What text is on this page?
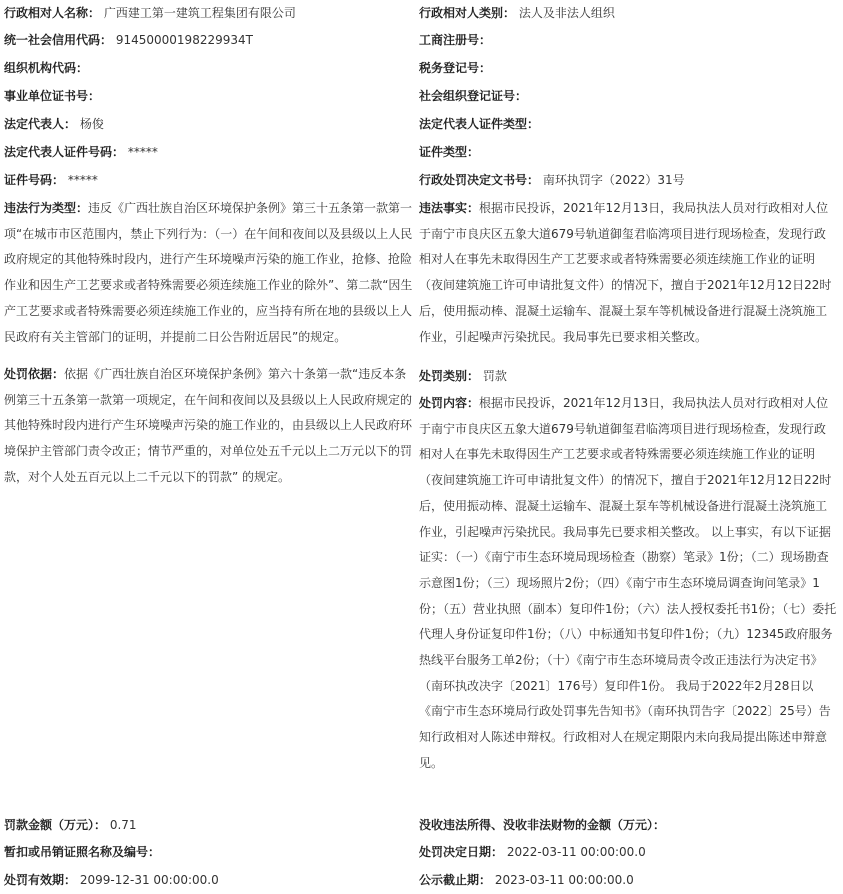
行政相对人名称： 广西建工第一建筑工程集团有限公司	行政相对人类别： 法人及非法人组织
统一社会信用代码： 91450000198229934T	工商注册号：
组织机构代码：	税务登记号：
事业单位证书号：	社会组织登记证号：
法定代表人： 杨俊	法定代表人证件类型：
法定代表人证件号码： *****	证件类型：
证件号码： *****	行政处罚决定文书号： 南环执罚字（2022）31号
违法行为类型：违反《广西壮族自治区环境保护条例》第三十五条第一款第一项“在城市市区范围内，禁止下列行为：（一）在午间和夜间以及县级以上人民政府规定的其他特殊时段内，进行产生环境噪声污染的施工作业，抢修、抢险作业和因生产工艺要求或者特殊需要必须连续施工作业的除外”、第二款“因生产工艺要求或者特殊需要必须连续施工作业的，应当持有所在地的县级以上人民政府有关主管部门的证明，并提前二日公告附近居民”的规定。
违法事实：根据市民投诉，2021年12月13日，我局执法人员对行政相对人位于南宁市良庆区五象大道679号轨道御玺君临湾项目进行现场检查，发现行政相对人在事先未取得因生产工艺要求或者特殊需要必须连续施工作业的证明（夜间建筑施工许可申请批复文件）的情况下，擅自于2021年12月12日22时后，使用振动棒、混凝土运输车、混凝土泵车等机械设备进行混凝土浇筑施工作业，引起噪声污染扰民。我局事先已要求相关整改。
处罚依据：依据《广西壮族自治区环境保护条例》第六十条第一款“违反本条例第三十五条第一款第一项规定，在午间和夜间以及县级以上人民政府规定的其他特殊时段内进行产生环境噪声污染的施工作业的，由县级以上人民政府环境保护主管部门责令改正；情节严重的，对单位处五千元以上二万元以下的罚款，对个人处五百元以上二千元以下的罚款” 的规定。
处罚类别： 罚款
处罚内容：根据市民投诉，2021年12月13日，我局执法人员对行政相对人位于南宁市良庆区五象大道679号轨道御玺君临湾项目进行现场检查，发现行政相对人在事先未取得因生产工艺要求或者特殊需要必须连续施工作业的证明（夜间建筑施工许可申请批复文件）的情况下，擅自于2021年12月12日22时后，使用振动棒、混凝土运输车、混凝土泵车等机械设备进行混凝土浇筑施工作业，引起噪声污染扰民。我局事先已要求相关整改。 以上事实，有以下证据证实：（一）《南宁市生态环境局现场检查（勘察）笔录》1份；（二）现场勘查示意图1份；（三）现场照片2份；（四）《南宁市生态环境局调查询问笔录》1份；（五）营业执照（副本）复印件1份；（六）法人授权委托书1份；（七）委托代理人身份证复印件1份；（八）中标通知书复印件1份；（九）12345政府服务热线平台服务工单2份；（十）《南宁市生态环境局责令改正违法行为决定书》（南环执改决字〔2021〕176号）复印件1份。 我局于2022年2月28日以《南宁市生态环境局行政处罚事先告知书》（南环执罚告字〔2022〕25号）告知行政相对人陈述申辩权。行政相对人在规定期限内未向我局提出陈述申辩意见。
罚款金额（万元）： 0.71	没收违法所得、没收非法财物的金额（万元）：
暂扣或吊销证照名称及编号：	处罚决定日期： 2022-03-11 00:00:00.0
处罚有效期： 2099-12-31 00:00:00.0	公示截止期： 2023-03-11 00:00:00.0
